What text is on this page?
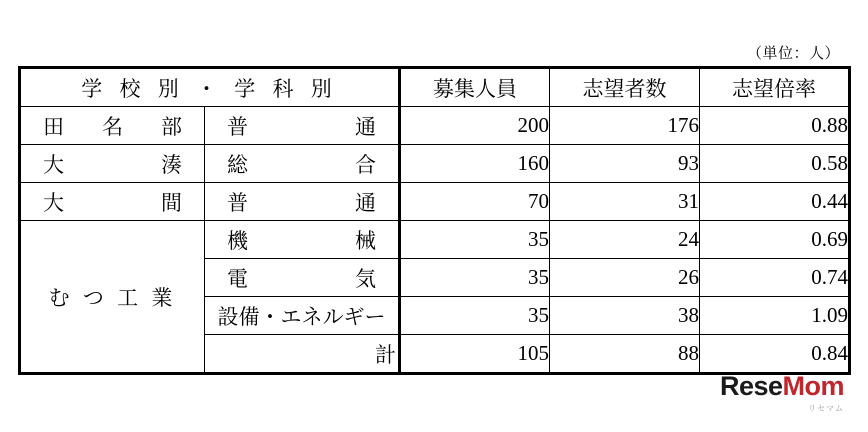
（単位：人）
学 校 別 ・ 学 科 別		募集人員	志望者数	志望倍率

田 名 部	普 通	200	176	0.88

大 湊	総 合	160	93	0.58

大 間	普 通	70	31	0.44
む つ 工 業	機 械	35	24	0.69

	電 気	35	26	0.74
	設備・エネルギー	35	38	1.09
	計	105	88	0.84
ReseMom
リセマム
